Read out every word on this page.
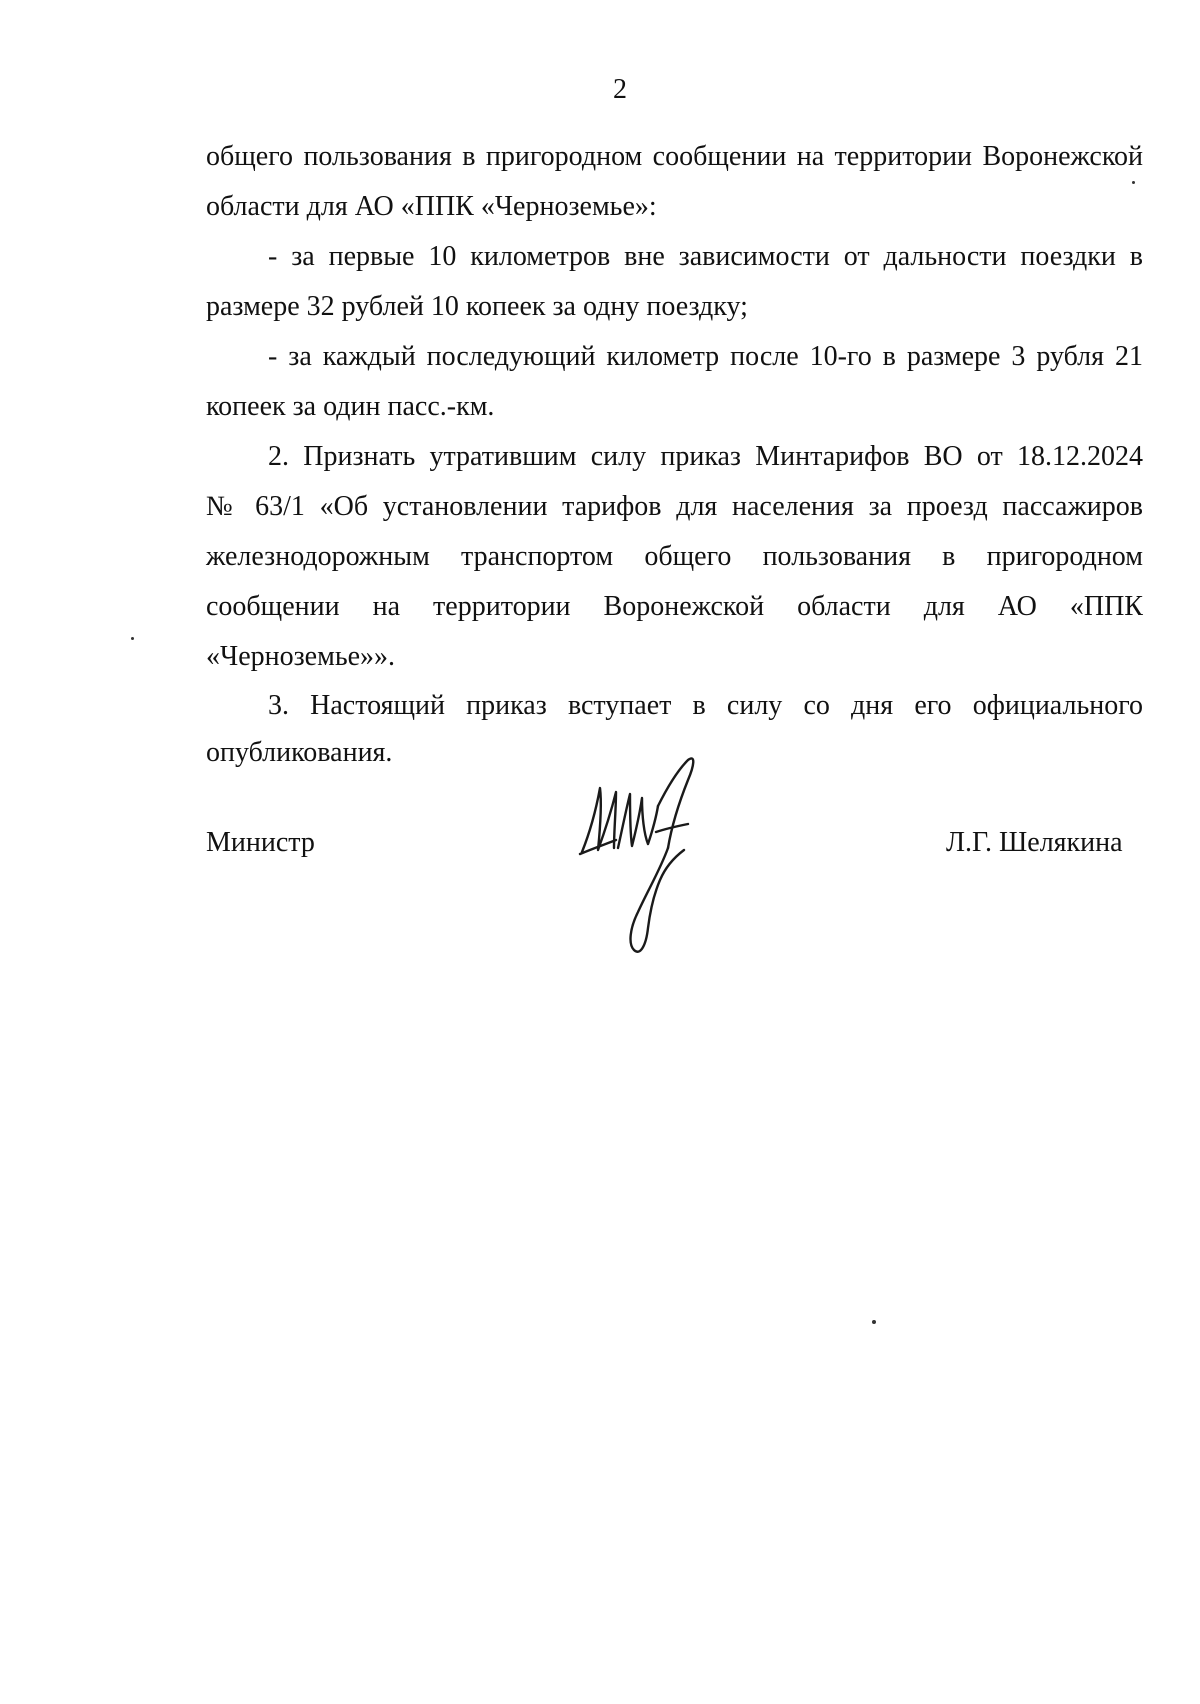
2
общего пользования в пригородном сообщении на территории Воронежской
области для АО «ППК «Черноземье»:
- за первые 10 километров вне зависимости от дальности поездки в
размере 32 рублей 10 копеек за одну поездку;
- за каждый последующий километр после 10-го в размере 3 рубля 21
копеек за один пасс.-км.
2. Признать утратившим силу приказ Минтарифов ВО от 18.12.2024
№ 63/1 «Об установлении тарифов для населения за проезд пассажиров
железнодорожным транспортом общего пользования в пригородном
сообщении на территории Воронежской области для АО «ППК
«Черноземье»».
3. Настоящий приказ вступает в силу со дня его официального
опубликования.
Министр	Л.Г. Шелякина
